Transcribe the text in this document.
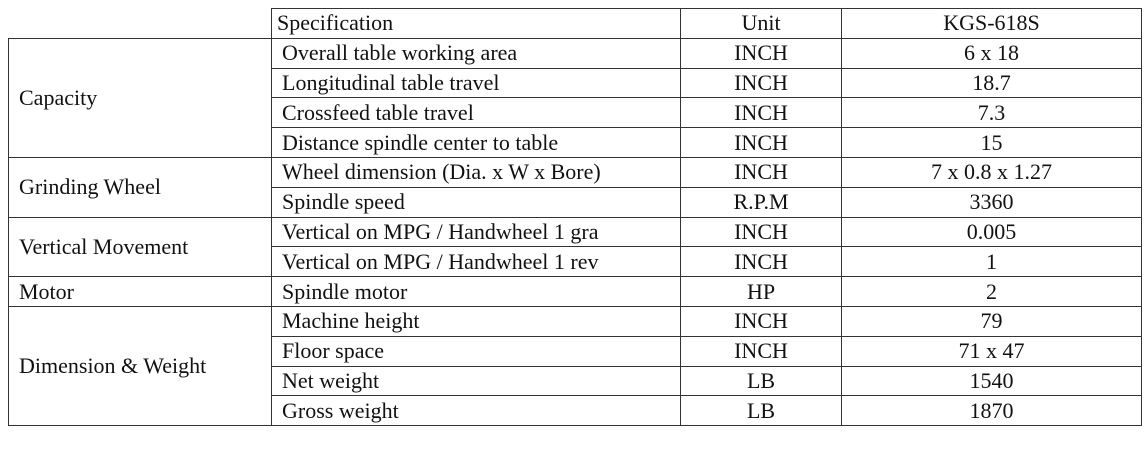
	Specification	Unit	KGS-618S
Capacity	Overall table working area	INCH	6 x 18
	Longitudinal table travel	INCH	18.7
	Crossfeed table travel	INCH	7.3
	Distance spindle center to table	INCH	15
Grinding Wheel	Wheel dimension (Dia. x W x Bore)	INCH	7 x 0.8 x 1.27
	Spindle speed	R.P.M	3360
Vertical Movement	Vertical on MPG / Handwheel 1 gra	INCH	0.005
	Vertical on MPG / Handwheel 1 rev	INCH	1
Motor	Spindle motor	HP	2
Dimension & Weight	Machine height	INCH	79
	Floor space	INCH	71 x 47
	Net weight	LB	1540
	Gross weight	LB	1870
